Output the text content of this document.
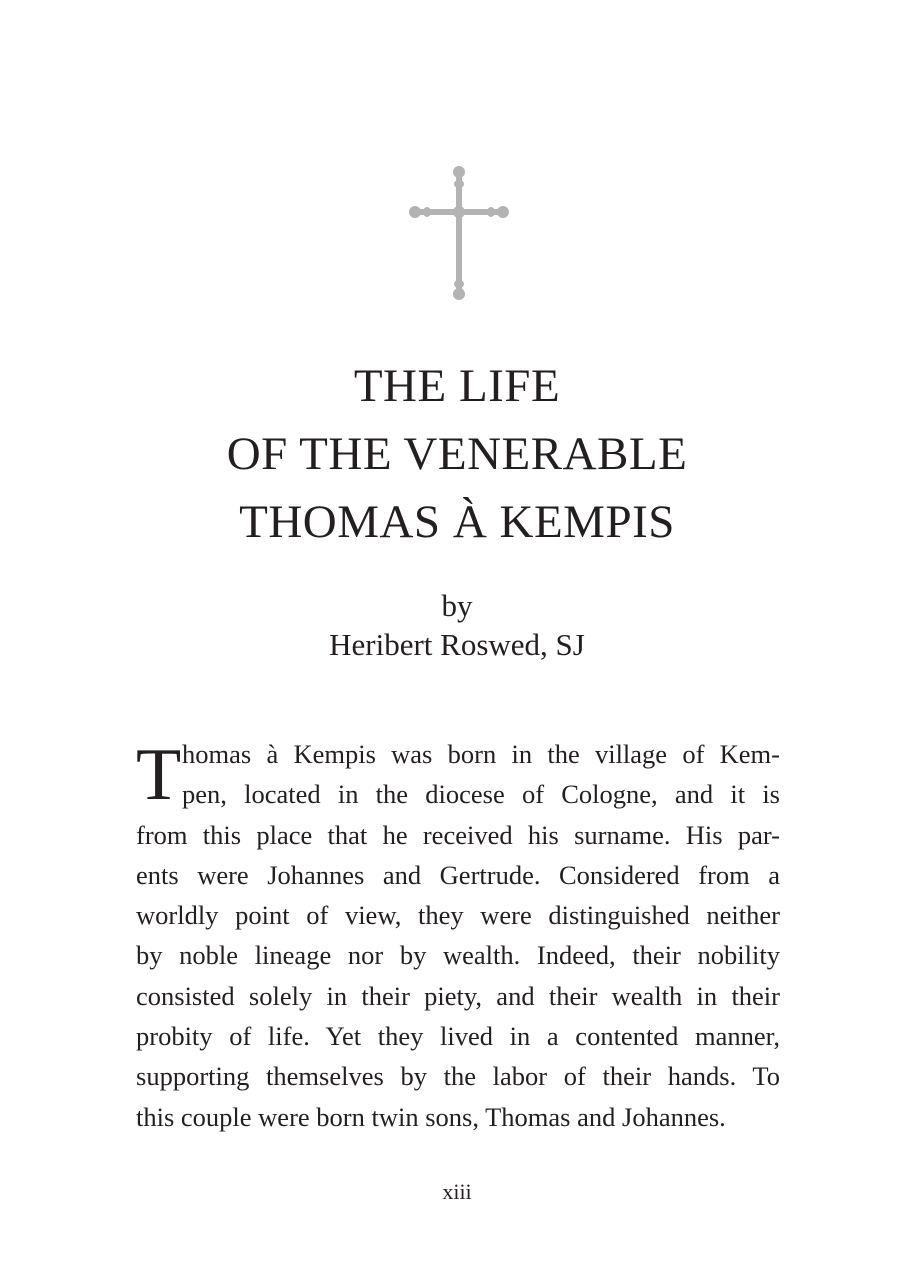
THE LIFE
OF THE VENERABLE
THOMAS À KEMPIS
by
Heribert Roswed, SJ
T homas à Kempis was born in the village of Kem-
pen, located in the diocese of Cologne, and it is
from this place that he received his surname. His par-
ents were Johannes and Gertrude. Considered from a
worldly point of view, they were distinguished neither
by noble lineage nor by wealth. Indeed, their nobility
consisted solely in their piety, and their wealth in their
probity of life. Yet they lived in a contented manner,
supporting themselves by the labor of their hands. To
this couple were born twin sons, Thomas and Johannes.
xiii
